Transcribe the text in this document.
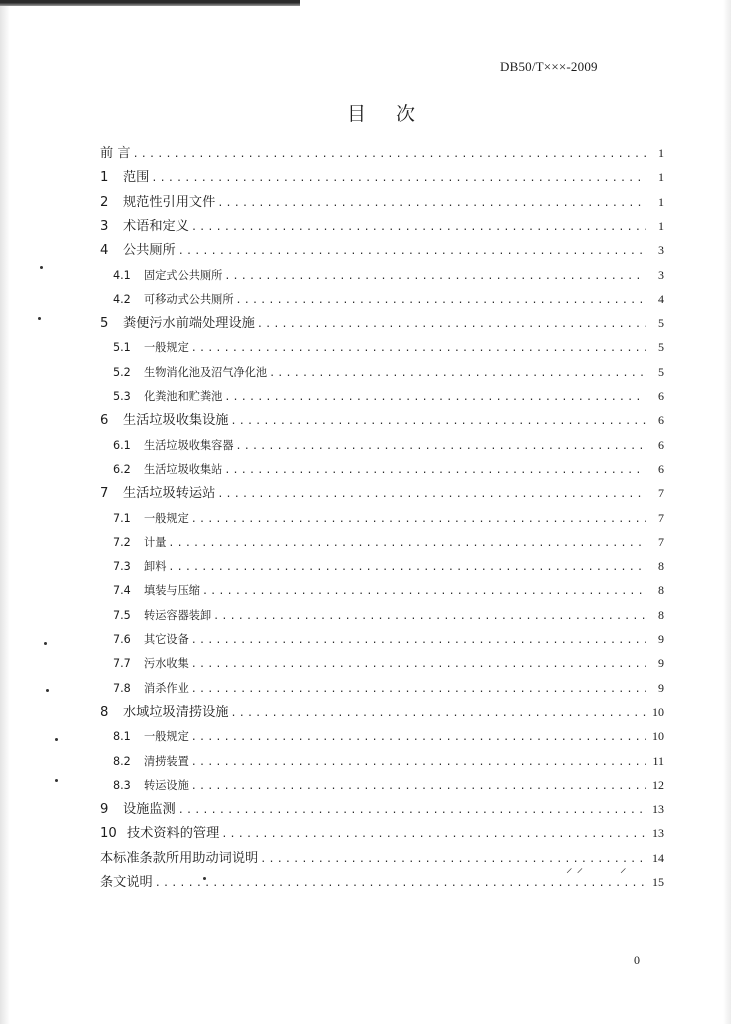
⸝ ⸝	⸝
DB50/T×××-2009
目 次
前 言 .....	1
1	范围 .....	1
2	规范性引用文件 .....	1
3	术语和定义 .....	1
4	公共厕所 .....	3
4.1	固定式公共厕所 .....	3
4.2	可移动式公共厕所 .....	4
5	粪便污水前端处理设施 .....	5
5.1	一般规定 .....	5
5.2	生物消化池及沼气净化池 .....	5
5.3	化粪池和贮粪池 .....	6
6	生活垃圾收集设施 .....	6
6.1	生活垃圾收集容器 .....	6
6.2	生活垃圾收集站 .....	6
7	生活垃圾转运站 .....	7
7.1	一般规定 .....	7
7.2	计量 .....	7
7.3	卸料 .....	8
7.4	填装与压缩 .....	8
7.5	转运容器装卸 .....	8
7.6	其它设备 .....	9
7.7	污水收集 .....	9
7.8	消杀作业 .....	9
8	水域垃圾清捞设施 .....	10
8.1	一般规定 .....	10
8.2	清捞装置 .....	11
8.3	转运设施 .....	12
9	设施监测 .....	13
10 技术资料的管理 .....	13
本标准条款所用助动词说明 .....	14
条文说明 .....	15
0
